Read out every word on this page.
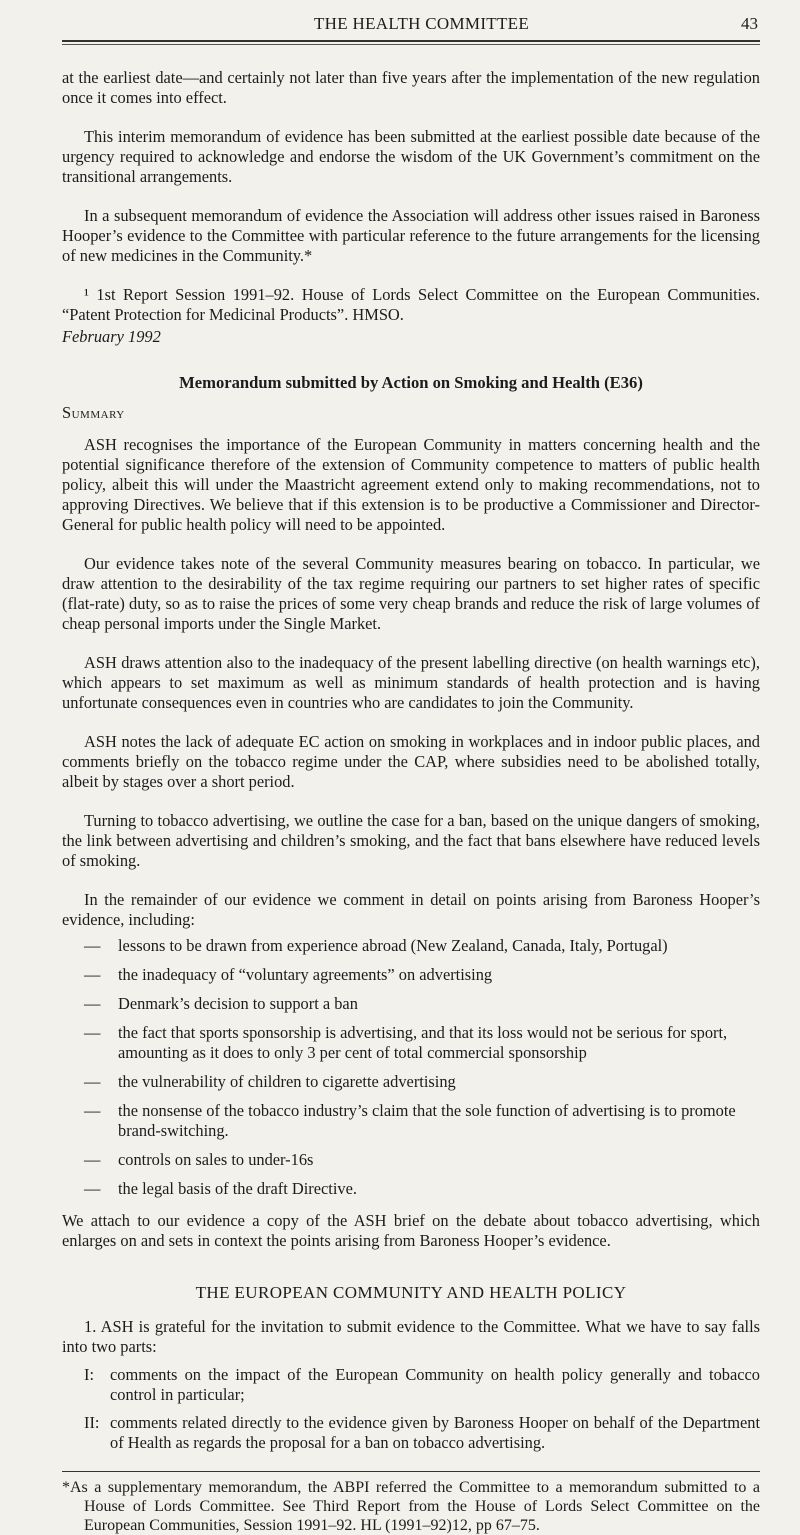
THE HEALTH COMMITTEE	43

at the earliest date—and certainly not later than five years after the implementation of the new regulation once it comes into effect.

This interim memorandum of evidence has been submitted at the earliest possible date because of the urgency required to acknowledge and endorse the wisdom of the UK Government’s commitment on the transitional arrangements.

In a subsequent memorandum of evidence the Association will address other issues raised in Baroness Hooper’s evidence to the Committee with particular reference to the future arrangements for the licensing of new medicines in the Community.*

¹ 1st Report Session 1991–92. House of Lords Select Committee on the European Communities. “Patent Protection for Medicinal Products”. HMSO.

February 1992

Memorandum submitted by Action on Smoking and Health (E36)

Summary

ASH recognises the importance of the European Community in matters concerning health and the potential significance therefore of the extension of Community competence to matters of public health policy, albeit this will under the Maastricht agreement extend only to making recommendations, not to approving Directives. We believe that if this extension is to be productive a Commissioner and Director-General for public health policy will need to be appointed.

Our evidence takes note of the several Community measures bearing on tobacco. In particular, we draw attention to the desirability of the tax regime requiring our partners to set higher rates of specific (flat-rate) duty, so as to raise the prices of some very cheap brands and reduce the risk of large volumes of cheap personal imports under the Single Market.

ASH draws attention also to the inadequacy of the present labelling directive (on health warnings etc), which appears to set maximum as well as minimum standards of health protection and is having unfortunate consequences even in countries who are candidates to join the Community.

ASH notes the lack of adequate EC action on smoking in workplaces and in indoor public places, and comments briefly on the tobacco regime under the CAP, where subsidies need to be abolished totally, albeit by stages over a short period.

Turning to tobacco advertising, we outline the case for a ban, based on the unique dangers of smoking, the link between advertising and children’s smoking, and the fact that bans elsewhere have reduced levels of smoking.

In the remainder of our evidence we comment in detail on points arising from Baroness Hooper’s evidence, including:

— lessons to be drawn from experience abroad (New Zealand, Canada, Italy, Portugal)
— the inadequacy of “voluntary agreements” on advertising
— Denmark’s decision to support a ban
— the fact that sports sponsorship is advertising, and that its loss would not be serious for sport, amounting as it does to only 3 per cent of total commercial sponsorship
— the vulnerability of children to cigarette advertising
— the nonsense of the tobacco industry’s claim that the sole function of advertising is to promote brand-switching.
— controls on sales to under-16s
— the legal basis of the draft Directive.

We attach to our evidence a copy of the ASH brief on the debate about tobacco advertising, which enlarges on and sets in context the points arising from Baroness Hooper’s evidence.

THE EUROPEAN COMMUNITY AND HEALTH POLICY

1. ASH is grateful for the invitation to submit evidence to the Committee. What we have to say falls into two parts:

I: comments on the impact of the European Community on health policy generally and tobacco control in particular;
II: comments related directly to the evidence given by Baroness Hooper on behalf of the Department of Health as regards the proposal for a ban on tobacco advertising.

*As a supplementary memorandum, the ABPI referred the Committee to a memorandum submitted to a House of Lords Committee. See Third Report from the House of Lords Select Committee on the European Communities, Session 1991–92. HL (1991–92)12, pp 67–75.
